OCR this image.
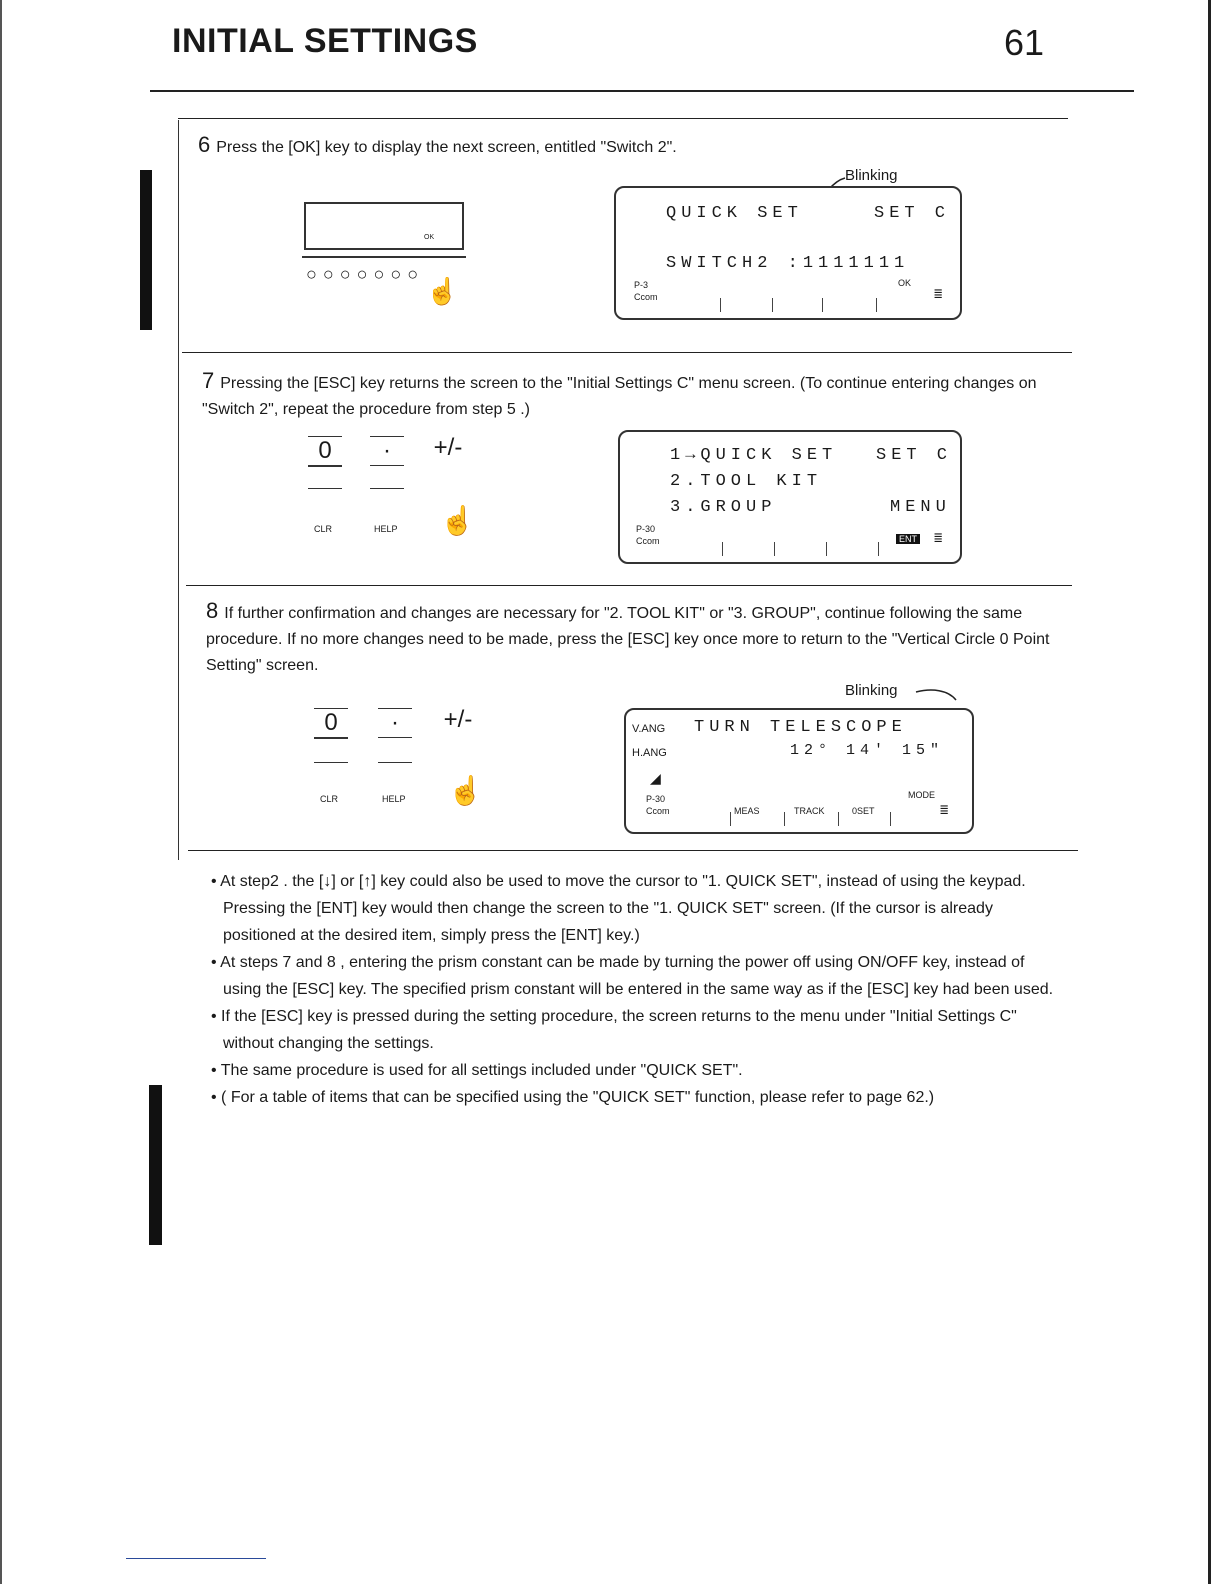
INITIAL SETTINGS	61
6 Press the [OK] key to display the next screen, entitled "Switch 2".
OK
○○○○○○○
☝
Blinking
QUICK SET	SET C
SWITCH2 :1111111
P-3
Ccom
OK
≣
7 Pressing the [ESC] key returns the screen to the "Initial Settings C" menu screen. (To continue entering changes on "Switch 2", repeat the procedure from step 5 .)
0	·	+/-
CLR	HELP ☝
1→QUICK SET SET C
2.TOOL KIT
3.GROUP	MENU
P-30
Ccom	ENT ≣
8 If further confirmation and changes are necessary for "2. TOOL KIT" or "3. GROUP", continue following the same procedure. If no more changes need to be made, press the [ESC] key once more to return to the "Vertical Circle 0 Point Setting" screen.
0	·	+/-
CLR	HELP ☝
Blinking
V.ANG TURN TELESCOPE
H.ANG	12° 14' 15"
◢
P-30
Ccom
MODE
MEAS	TRACK	0SET	≣

• At step2 . the [↓] or [↑] key could also be used to move the cursor to "1. QUICK SET", instead of using the keypad. Pressing the [ENT] key would then change the screen to the "1. QUICK SET" screen. (If the cursor is already positioned at the desired item, simply press the [ENT] key.)

• At steps 7 and 8 , entering the prism constant can be made by turning the power off using ON/OFF key, instead of using the [ESC] key. The specified prism constant will be entered in the same way as if the [ESC] key had been used.

• If the [ESC] key is pressed during the setting procedure, the screen returns to the menu under "Initial Settings C" without changing the settings.

• The same procedure is used for all settings included under "QUICK SET".

• ( For a table of items that can be specified using the "QUICK SET" function, please refer to page 62.)
